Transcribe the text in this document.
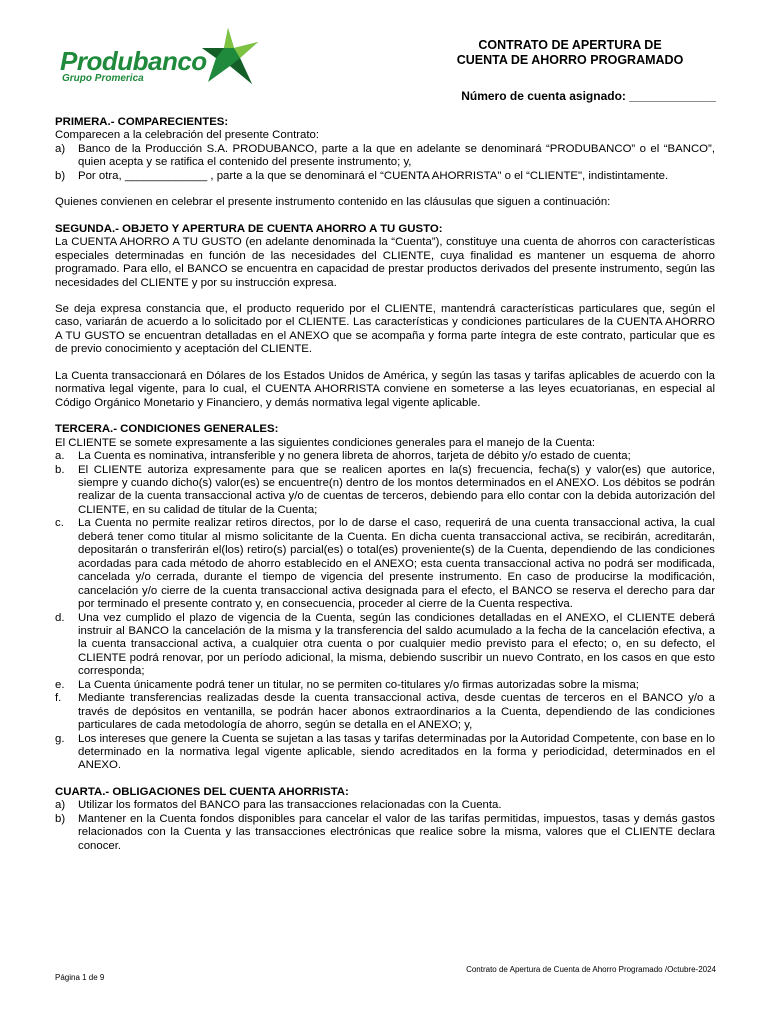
Produbanco
Grupo Promerica
CONTRATO DE APERTURA DE
CUENTA DE AHORRO PROGRAMADO
Número de cuenta asignado: _____________

PRIMERA.- COMPARECIENTES:

Comparecen a la celebración del presente Contrato:

a)	Banco de la Producción S.A. PRODUBANCO, parte a la que en adelante se denominará “PRODUBANCO” o el “BANCO”, quien acepta y se ratifica el contenido del presente instrumento; y,
b)	Por otra, _____________ , parte a la que se denominará el “CUENTA AHORRISTA" o el “CLIENTE", indistintamente.

Quienes convienen en celebrar el presente instrumento contenido en las cláusulas que siguen a continuación:

SEGUNDA.- OBJETO Y APERTURA DE CUENTA AHORRO A TU GUSTO:

La CUENTA AHORRO A TU GUSTO (en adelante denominada la “Cuenta”), constituye una cuenta de ahorros con características especiales determinadas en función de las necesidades del CLIENTE, cuya finalidad es mantener un esquema de ahorro programado. Para ello, el BANCO se encuentra en capacidad de prestar productos derivados del presente instrumento, según las necesidades del CLIENTE y por su instrucción expresa.

Se deja expresa constancia que, el producto requerido por el CLIENTE, mantendrá características particulares que, según el caso, variarán de acuerdo a lo solicitado por el CLIENTE. Las características y condiciones particulares de la CUENTA AHORRO A TU GUSTO se encuentran detalladas en el ANEXO que se acompaña y forma parte íntegra de este contrato, particular que es de previo conocimiento y aceptación del CLIENTE.

La Cuenta transaccionará en Dólares de los Estados Unidos de América, y según las tasas y tarifas aplicables de acuerdo con la normativa legal vigente, para lo cual, el CUENTA AHORRISTA conviene en someterse a las leyes ecuatorianas, en especial al Código Orgánico Monetario y Financiero, y demás normativa legal vigente aplicable.

TERCERA.- CONDICIONES GENERALES:

El CLIENTE se somete expresamente a las siguientes condiciones generales para el manejo de la Cuenta:

a.	La Cuenta es nominativa, intransferible y no genera libreta de ahorros, tarjeta de débito y/o estado de cuenta;
b.	El CLIENTE autoriza expresamente para que se realicen aportes en la(s) frecuencia, fecha(s) y valor(es) que autorice, siempre y cuando dicho(s) valor(es) se encuentre(n) dentro de los montos determinados en el ANEXO. Los débitos se podrán realizar de la cuenta transaccional activa y/o de cuentas de terceros, debiendo para ello contar con la debida autorización del CLIENTE, en su calidad de titular de la Cuenta;
c.	La Cuenta no permite realizar retiros directos, por lo de darse el caso, requerirá de una cuenta transaccional activa, la cual deberá tener como titular al mismo solicitante de la Cuenta. En dicha cuenta transaccional activa, se recibirán, acreditarán, depositarán o transferirán el(los) retiro(s) parcial(es) o total(es) proveniente(s) de la Cuenta, dependiendo de las condiciones acordadas para cada método de ahorro establecido en el ANEXO; esta cuenta transaccional activa no podrá ser modificada, cancelada y/o cerrada, durante el tiempo de vigencia del presente instrumento. En caso de producirse la modificación, cancelación y/o cierre de la cuenta transaccional activa designada para el efecto, el BANCO se reserva el derecho para dar por terminado el presente contrato y, en consecuencia, proceder al cierre de la Cuenta respectiva.
d.	Una vez cumplido el plazo de vigencia de la Cuenta, según las condiciones detalladas en el ANEXO, el CLIENTE deberá instruir al BANCO la cancelación de la misma y la transferencia del saldo acumulado a la fecha de la cancelación efectiva, a la cuenta transaccional activa, a cualquier otra cuenta o por cualquier medio previsto para el efecto; o, en su defecto, el CLIENTE podrá renovar, por un período adicional, la misma, debiendo suscribir un nuevo Contrato, en los casos en que esto corresponda;
e.	La Cuenta únicamente podrá tener un titular, no se permiten co-titulares y/o firmas autorizadas sobre la misma;
f.	Mediante transferencias realizadas desde la cuenta transaccional activa, desde cuentas de terceros en el BANCO y/o a través de depósitos en ventanilla, se podrán hacer abonos extraordinarios a la Cuenta, dependiendo de las condiciones particulares de cada metodología de ahorro, según se detalla en el ANEXO; y,
g.	Los intereses que genere la Cuenta se sujetan a las tasas y tarifas determinadas por la Autoridad Competente, con base en lo determinado en la normativa legal vigente aplicable, siendo acreditados en la forma y periodicidad, determinados en el ANEXO.

CUARTA.- OBLIGACIONES DEL CUENTA AHORRISTA:

a)	Utilizar los formatos del BANCO para las transacciones relacionadas con la Cuenta.
b)	Mantener en la Cuenta fondos disponibles para cancelar el valor de las tarifas permitidas, impuestos, tasas y demás gastos relacionados con la Cuenta y las transacciones electrónicas que realice sobre la misma, valores que el CLIENTE declara conocer.
Contrato de Apertura de Cuenta de Ahorro Programado /Octubre-2024
Página 1 de 9
